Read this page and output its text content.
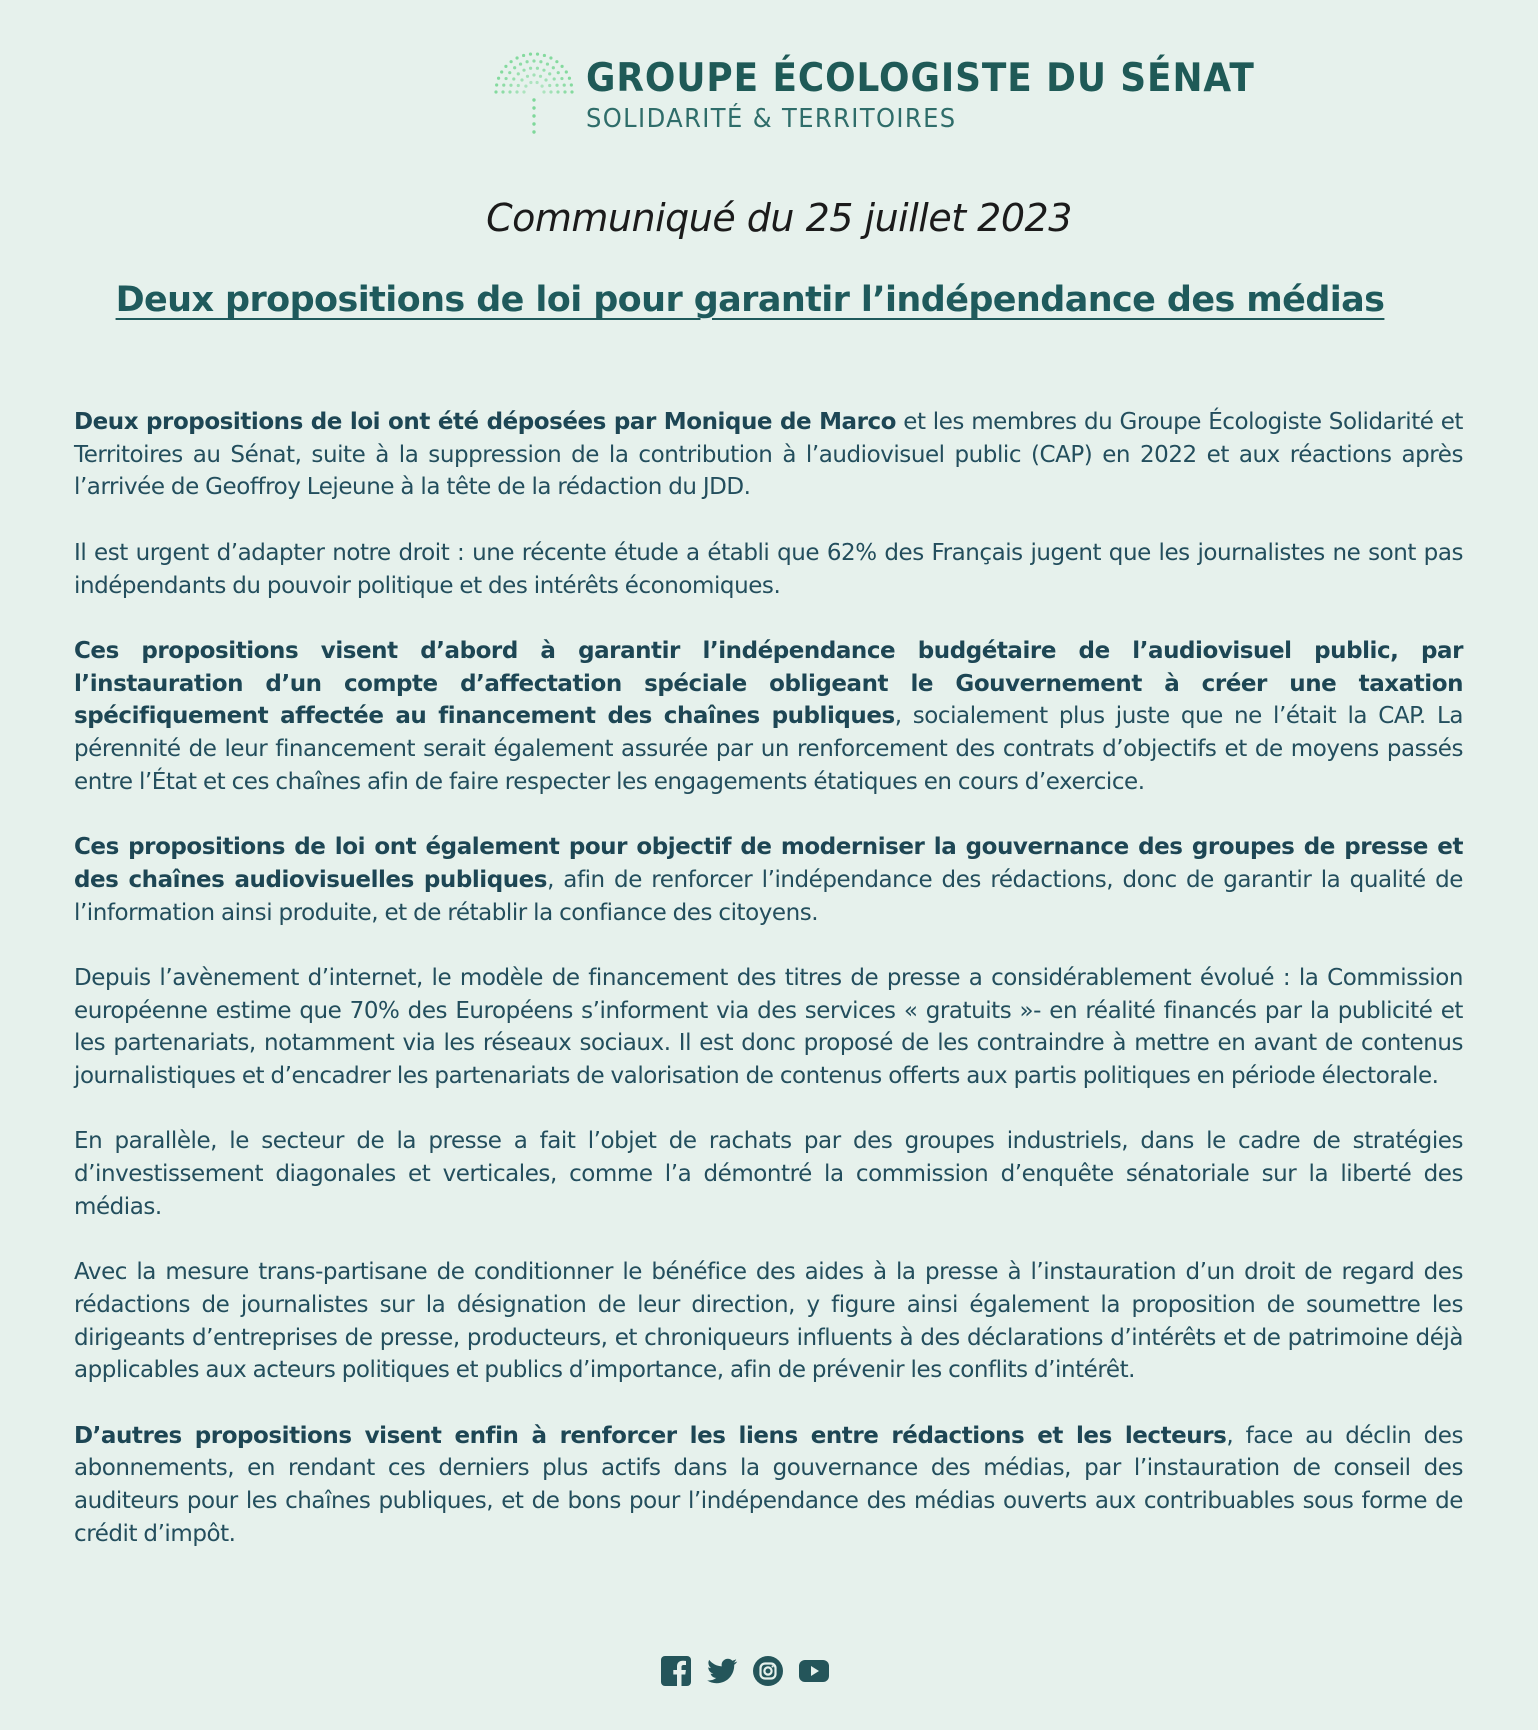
GROUPE ÉCOLOGISTE DU SÉNAT
SOLIDARITÉ & TERRITOIRES
Communiqué du 25 juillet 2023
Deux propositions de loi pour garantir l’indépendance des médias

Deux propositions de loi ont été déposées par Monique de Marco et les membres du Groupe Écologiste Solidarité et Territoires au Sénat, suite à la suppression de la contribution à l’audiovisuel public (CAP) en 2022 et aux réactions après l’arrivée de Geoffroy Lejeune à la tête de la rédaction du JDD.

Il est urgent d’adapter notre droit : une récente étude a établi que 62% des Français jugent que les journalistes ne sont pas indépendants du pouvoir politique et des intérêts économiques.

Ces propositions visent d’abord à garantir l’indépendance budgétaire de l’audiovisuel public, par l’instauration d’un compte d’affectation spéciale obligeant le Gouvernement à créer une taxation spécifiquement affectée au financement des chaînes publiques, socialement plus juste que ne l’était la CAP. La pérennité de leur financement serait également assurée par un renforcement des contrats d’objectifs et de moyens passés entre l’État et ces chaînes afin de faire respecter les engagements étatiques en cours d’exercice.

Ces propositions de loi ont également pour objectif de moderniser la gouvernance des groupes de presse et des chaînes audiovisuelles publiques, afin de renforcer l’indépendance des rédactions, donc de garantir la qualité de l’information ainsi produite, et de rétablir la confiance des citoyens.

Depuis l’avènement d’internet, le modèle de financement des titres de presse a considérablement évolué : la Commission européenne estime que 70% des Européens s’informent via des services « gratuits »- en réalité financés par la publicité et les partenariats, notamment via les réseaux sociaux. Il est donc proposé de les contraindre à mettre en avant de contenus journalistiques et d’encadrer les partenariats de valorisation de contenus offerts aux partis politiques en période électorale.

En parallèle, le secteur de la presse a fait l’objet de rachats par des groupes industriels, dans le cadre de stratégies d’investissement diagonales et verticales, comme l’a démontré la commission d’enquête sénatoriale sur la liberté des médias.

Avec la mesure trans-partisane de conditionner le bénéfice des aides à la presse à l’instauration d’un droit de regard des rédactions de journalistes sur la désignation de leur direction, y figure ainsi également la proposition de soumettre les dirigeants d’entreprises de presse, producteurs, et chroniqueurs influents à des déclarations d’intérêts et de patrimoine déjà applicables aux acteurs politiques et publics d’importance, afin de prévenir les conflits d’intérêt.

D’autres propositions visent enfin à renforcer les liens entre rédactions et les lecteurs, face au déclin des abonnements, en rendant ces derniers plus actifs dans la gouvernance des médias, par l’instauration de conseil des auditeurs pour les chaînes publiques, et de bons pour l’indépendance des médias ouverts aux contribuables sous forme de crédit d’impôt.
